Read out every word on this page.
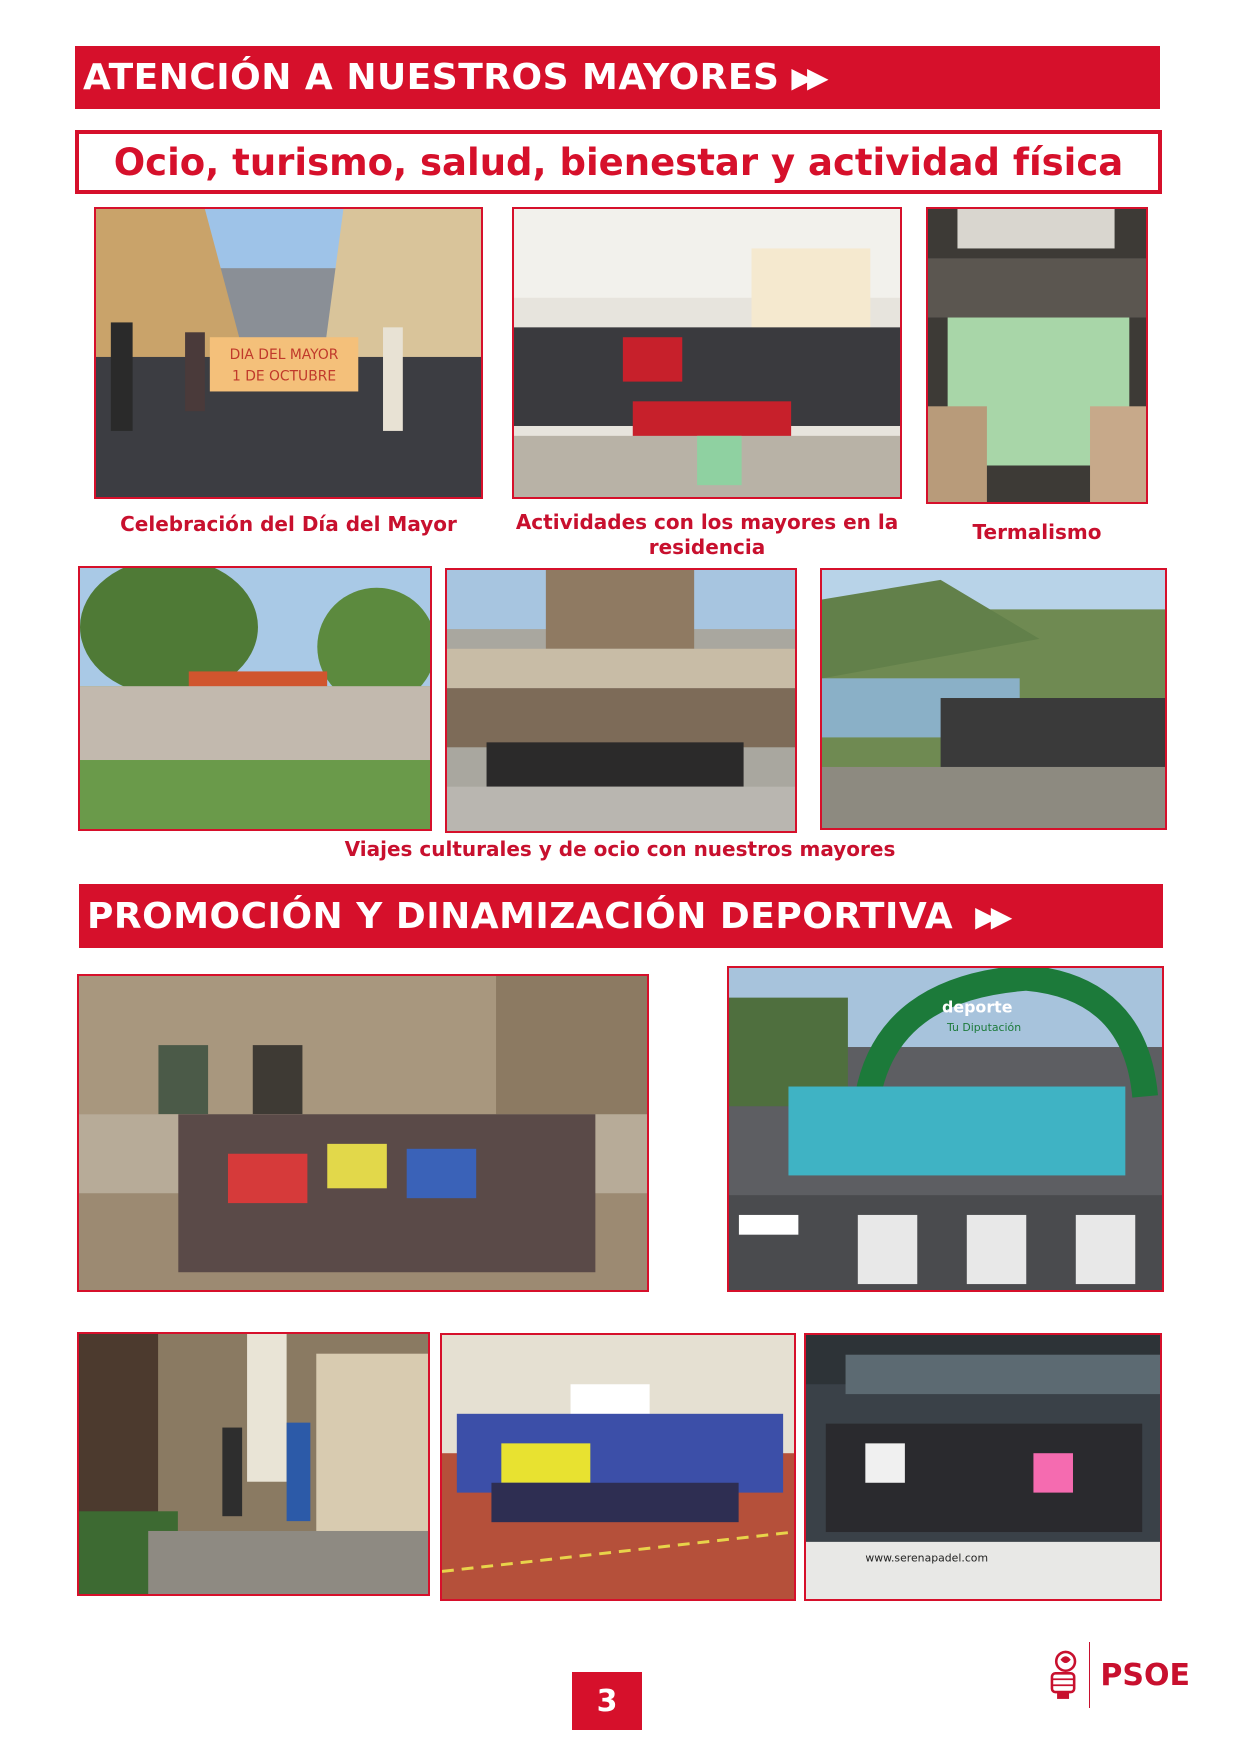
ATENCIÓN A NUESTROS MAYORES ▶▶
Ocio, turismo, salud, bienestar y actividad física
DIA DEL MAYOR
1 DE OCTUBRE
Celebración del Día del Mayor	Actividades con los mayores en la residencia
Termalismo
Viajes culturales y de ocio con nuestros mayores
PROMOCIÓN Y DINAMIZACIÓN DEPORTIVA ▶▶
deporte
Tu Diputación
www.serenapadel.com
3
PSOE
